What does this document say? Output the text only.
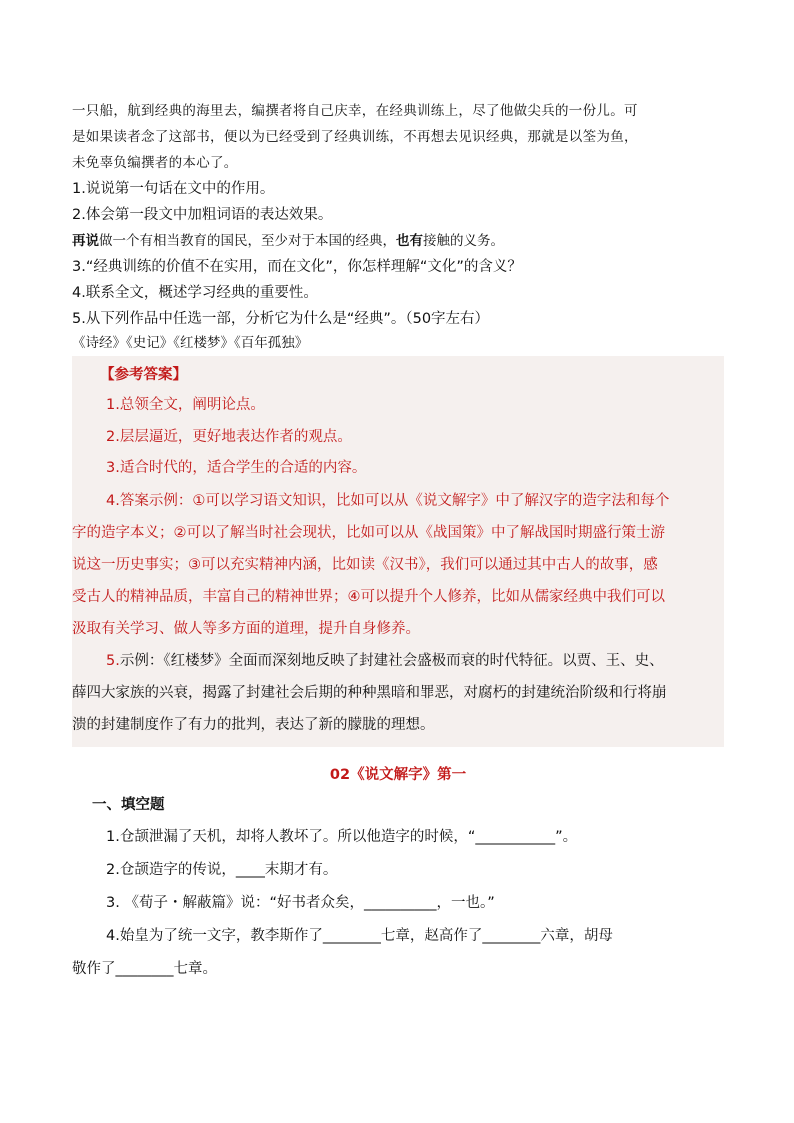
一只船，航到经典的海里去，编撰者将自己庆幸，在经典训练上，尽了他做尖兵的一份儿。可

是如果读者念了这部书，便以为已经受到了经典训练，不再想去见识经典，那就是以筌为鱼，

未免辜负编撰者的本心了。

1.说说第一句话在文中的作用。

2.体会第一段文中加粗词语的表达效果。

再说做一个有相当教育的国民，至少对于本国的经典，也有接触的义务。

3.“经典训练的价值不在实用，而在文化”，你怎样理解“文化”的含义？

4.联系全文，概述学习经典的重要性。

5.从下列作品中任选一部，分析它为什么是“经典”。（50字左右）

《诗经》《史记》《红楼梦》《百年孤独》

【参考答案】

1.总领全文，阐明论点。

2.层层逼近，更好地表达作者的观点。

3.适合时代的，适合学生的合适的内容。

4.答案示例：①可以学习语文知识，比如可以从《说文解字》中了解汉字的造字法和每个

字的造字本义；②可以了解当时社会现状，比如可以从《战国策》中了解战国时期盛行策士游

说这一历史事实；③可以充实精神内涵，比如读《汉书》，我们可以通过其中古人的故事，感

受古人的精神品质，丰富自己的精神世界；④可以提升个人修养，比如从儒家经典中我们可以

汲取有关学习、做人等多方面的道理，提升自身修养。

5.示例：《红楼梦》全面而深刻地反映了封建社会盛极而衰的时代特征。以贾、王、史、

薛四大家族的兴衰，揭露了封建社会后期的种种黑暗和罪恶，对腐朽的封建统治阶级和行将崩

溃的封建制度作了有力的批判，表达了新的朦胧的理想。

02《说文解字》第一

一、填空题

1.仓颉泄漏了天机，却将人教坏了。所以他造字的时候，“___________”。

2.仓颉造字的传说，____末期才有。

3. 《荀子・解蔽篇》说：“好书者众矣，__________，一也。”

4.始皇为了统一文字，教李斯作了________七章，赵高作了________六章，胡母

敬作了________七章。
